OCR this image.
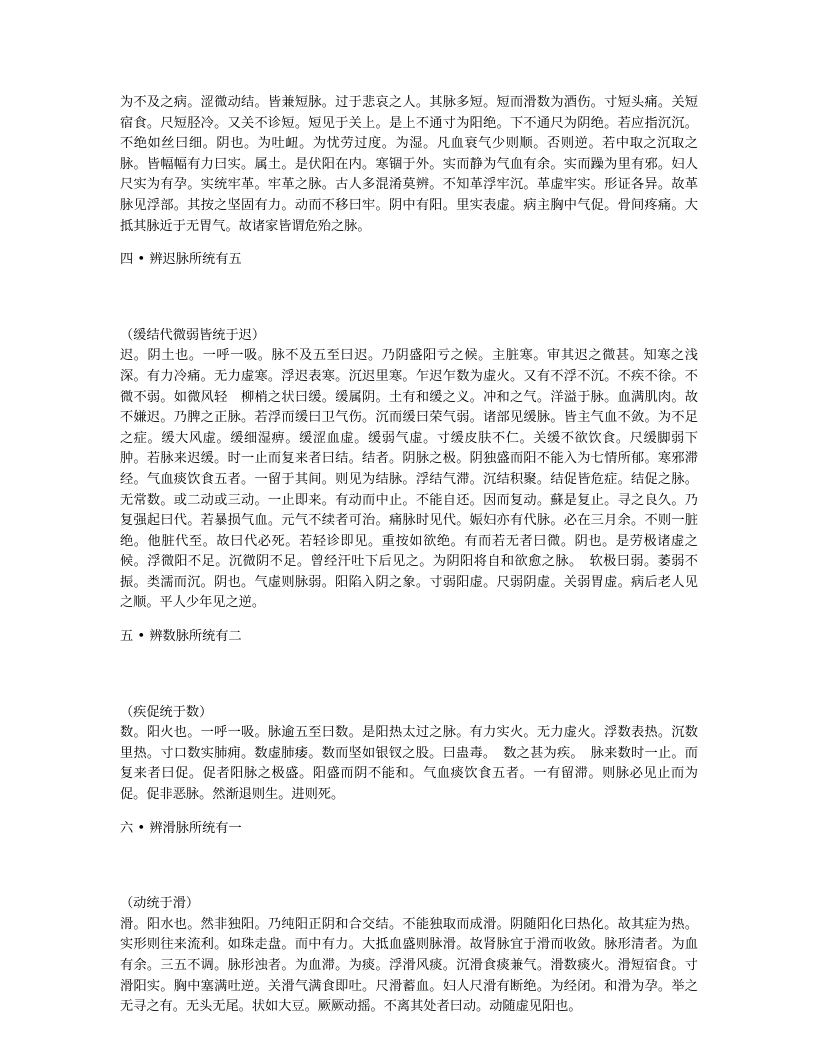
为不及之病。涩微动结。皆兼短脉。过于悲哀之人。其脉多短。短而滑数为酒伤。寸短头痛。关短宿食。尺短胫冷。又关不诊短。短见于关上。是上不通寸为阳绝。下不通尺为阴绝。若应指沉沉。不绝如丝曰细。阴也。为吐衄。为忧劳过度。为湿。凡血衰气少则顺。否则逆。若中取之沉取之脉。皆幅幅有力曰实。属土。是伏阳在内。寒锢于外。实而静为气血有余。实而躁为里有邪。妇人尺实为有孕。实统牢革。牢革之脉。古人多混淆莫辨。不知革浮牢沉。革虚牢实。形证各异。故革脉见浮部。其按之坚固有力。动而不移曰牢。阴中有阳。里实表虚。病主胸中气促。骨间疼痛。大抵其脉近于无胃气。故诸家皆谓危殆之脉。

四 • 辨迟脉所统有五

（缓结代微弱皆统于迟）

迟。阴土也。一呼一吸。脉不及五至曰迟。乃阴盛阳亏之候。主脏寒。审其迟之微甚。知寒之浅深。有力冷痛。无力虚寒。浮迟表寒。沉迟里寒。乍迟乍数为虚火。又有不浮不沉。不疾不徐。不微不弱。如微风轻　柳梢之状曰缓。缓属阴。土有和缓之义。冲和之气。洋溢于脉。血满肌肉。故不嫌迟。乃脾之正脉。若浮而缓曰卫气伤。沉而缓曰荣气弱。诸部见缓脉。皆主气血不敛。为不足之症。缓大风虚。缓细湿痹。缓涩血虚。缓弱气虚。寸缓皮肤不仁。关缓不欲饮食。尺缓脚弱下肿。若脉来迟缓。时一止而复来者曰结。结者。阴脉之极。阴独盛而阳不能入为七情所郁。寒邪滞经。气血痰饮食五者。一留于其间。则见为结脉。浮结气滞。沉结积聚。结促皆危症。结促之脉。无常数。或二动或三动。一止即来。有动而中止。不能自还。因而复动。蘇是复止。寻之良久。乃复强起曰代。若暴损气血。元气不续者可治。痛脉时见代。娠妇亦有代脉。必在三月余。不则一脏绝。他脏代至。故曰代必死。若轻诊即见。重按如欲绝。有而若无者曰微。阴也。是劳极诸虚之候。浮微阳不足。沉微阴不足。曾经汗吐下后见之。为阴阳将自和欲愈之脉。　软极曰弱。萎弱不振。类濡而沉。阴也。气虚则脉弱。阳陷入阴之象。寸弱阳虚。尺弱阴虚。关弱胃虚。病后老人见之顺。平人少年见之逆。

五 • 辨数脉所统有二

（疾促统于数）

数。阳火也。一呼一吸。脉逾五至曰数。是阳热太过之脉。有力实火。无力虚火。浮数表热。沉数里热。寸口数实肺痈。数虚肺痿。数而坚如银钗之股。曰蛊毒。　数之甚为疾。　脉来数时一止。而复来者曰促。促者阳脉之极盛。阳盛而阴不能和。气血痰饮食五者。一有留滞。则脉必见止而为促。促非恶脉。然渐退则生。进则死。

六 • 辨滑脉所统有一

（动统于滑）

滑。阳水也。然非独阳。乃纯阳正阴和合交结。不能独取而成滑。阴随阳化曰热化。故其症为热。实形则往来流利。如珠走盘。而中有力。大抵血盛则脉滑。故肾脉宜于滑而收敛。脉形清者。为血有余。三五不调。脉形浊者。为血滞。为痰。浮滑风痰。沉滑食痰兼气。滑数痰火。滑短宿食。寸滑阳实。胸中塞满吐逆。关滑气满食即吐。尺滑蓄血。妇人尺滑有断绝。为经闭。和滑为孕。举之无寻之有。无头无尾。状如大豆。厥厥动摇。不离其处者曰动。动随虚见阳也。
